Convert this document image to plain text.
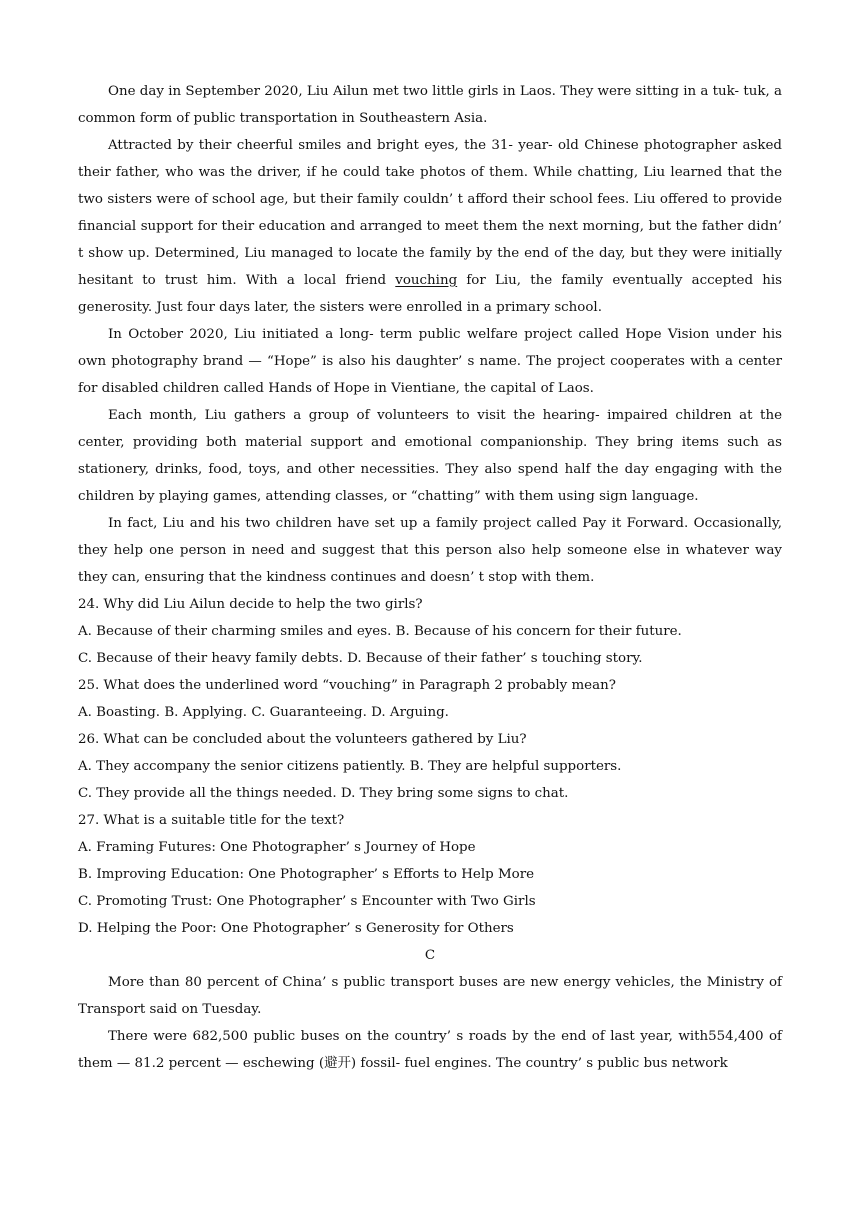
One day in September 2020, Liu Ailun met two little girls in Laos. They were sitting in a tuk- tuk, a common form of public transportation in Southeastern Asia.

Attracted by their cheerful smiles and bright eyes, the 31- year- old Chinese photographer asked their father, who was the driver, if he could take photos of them. While chatting, Liu learned that the two sisters were of school age, but their family couldn’ t afford their school fees. Liu offered to provide financial support for their education and arranged to meet them the next morning, but the father didn’ t show up. Determined, Liu managed to locate the family by the end of the day, but they were initially hesitant to trust him. With a local friend vouching for Liu, the family eventually accepted his generosity. Just four days later, the sisters were enrolled in a primary school.

In October 2020, Liu initiated a long- term public welfare project called Hope Vision under his own photography brand — “Hope” is also his daughter’ s name. The project cooperates with a center for disabled children called Hands of Hope in Vientiane, the capital of Laos.

Each month, Liu gathers a group of volunteers to visit the hearing- impaired children at the center, providing both material support and emotional companionship. They bring items such as stationery, drinks, food, toys, and other necessities. They also spend half the day engaging with the children by playing games, attending classes, or “chatting” with them using sign language.

In fact, Liu and his two children have set up a family project called Pay it Forward. Occasionally, they help one person in need and suggest that this person also help someone else in whatever way they can, ensuring that the kindness continues and doesn’ t stop with them.

24. Why did Liu Ailun decide to help the two girls?

A. Because of their charming smiles and eyes. B. Because of his concern for their future.

C. Because of their heavy family debts. D. Because of their father’ s touching story.

25. What does the underlined word “vouching” in Paragraph 2 probably mean?

A. Boasting. B. Applying. C. Guaranteeing. D. Arguing.

26. What can be concluded about the volunteers gathered by Liu?

A. They accompany the senior citizens patiently. B. They are helpful supporters.

C. They provide all the things needed. D. They bring some signs to chat.

27. What is a suitable title for the text?

A. Framing Futures: One Photographer’ s Journey of Hope

B. Improving Education: One Photographer’ s Efforts to Help More

C. Promoting Trust: One Photographer’ s Encounter with Two Girls

D. Helping the Poor: One Photographer’ s Generosity for Others

C

More than 80 percent of China’ s public transport buses are new energy vehicles, the Ministry of Transport said on Tuesday.

There were 682,500 public buses on the country’ s roads by the end of last year, with554,400 of them — 81.2 percent — eschewing (避开) fossil- fuel engines. The country’ s public bus network
